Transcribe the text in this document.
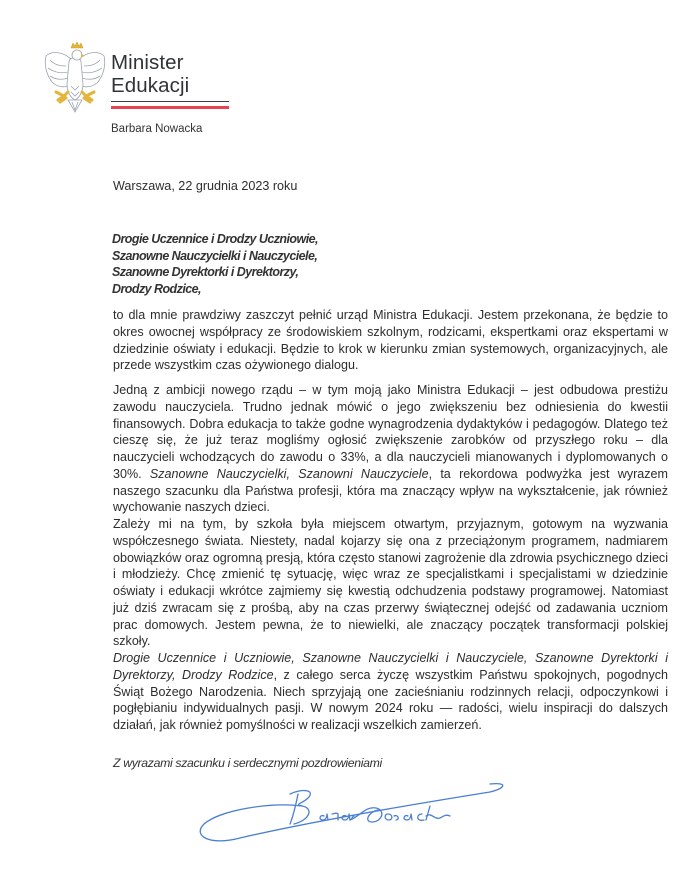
Minister
Edukacji
Barbara Nowacka
Warszawa, 22 grudnia 2023 roku
Drogie Uczennice i Drodzy Uczniowie,
Szanowne Nauczycielki i Nauczyciele,
Szanowne Dyrektorki i Dyrektorzy,
Drodzy Rodzice,

to dla mnie prawdziwy zaszczyt pełnić urząd Ministra Edukacji. Jestem przekonana, że będzie to okres owocnej współpracy ze środowiskiem szkolnym, rodzicami, ekspertkami oraz ekspertami w dziedzinie oświaty i edukacji. Będzie to krok w kierunku zmian systemowych, organizacyjnych, ale przede wszystkim czas ożywionego dialogu.

Jedną z ambicji nowego rządu – w tym moją jako Ministra Edukacji – jest odbudowa prestiżu zawodu nauczyciela. Trudno jednak mówić o jego zwiększeniu bez odniesienia do kwestii finansowych. Dobra edukacja to także godne wynagrodzenia dydaktyków i pedagogów. Dlatego też cieszę się, że już teraz mogliśmy ogłosić zwiększenie zarobków od przyszłego roku – dla nauczycieli wchodzących do zawodu o 33%, a dla nauczycieli mianowanych i dyplomowanych o 30%. Szanowne Nauczycielki, Szanowni Nauczyciele, ta rekordowa podwyżka jest wyrazem naszego szacunku dla Państwa profesji, która ma znaczący wpływ na wykształcenie, jak również wychowanie naszych dzieci.

Zależy mi na tym, by szkoła była miejscem otwartym, przyjaznym, gotowym na wyzwania współczesnego świata. Niestety, nadal kojarzy się ona z przeciążonym programem, nadmiarem obowiązków oraz ogromną presją, która często stanowi zagrożenie dla zdrowia psychicznego dzieci i młodzieży. Chcę zmienić tę sytuację, więc wraz ze specjalistkami i specjalistami w dziedzinie oświaty i edukacji wkrótce zajmiemy się kwestią odchudzenia podstawy programowej. Natomiast już dziś zwracam się z prośbą, aby na czas przerwy świątecznej odejść od zadawania uczniom prac domowych. Jestem pewna, że to niewielki, ale znaczący początek transformacji polskiej szkoły.

Drogie Uczennice i Uczniowie, Szanowne Nauczycielki i Nauczyciele, Szanowne Dyrektorki i Dyrektorzy, Drodzy Rodzice, z całego serca życzę wszystkim Państwu spokojnych, pogodnych Świąt Bożego Narodzenia. Niech sprzyjają one zacieśnianiu rodzinnych relacji, odpoczynkowi i pogłębianiu indywidualnych pasji. W nowym 2024 roku — radości, wielu inspiracji do dalszych działań, jak również pomyślności w realizacji wszelkich zamierzeń.

Z wyrazami szacunku i serdecznymi pozdrowieniami
